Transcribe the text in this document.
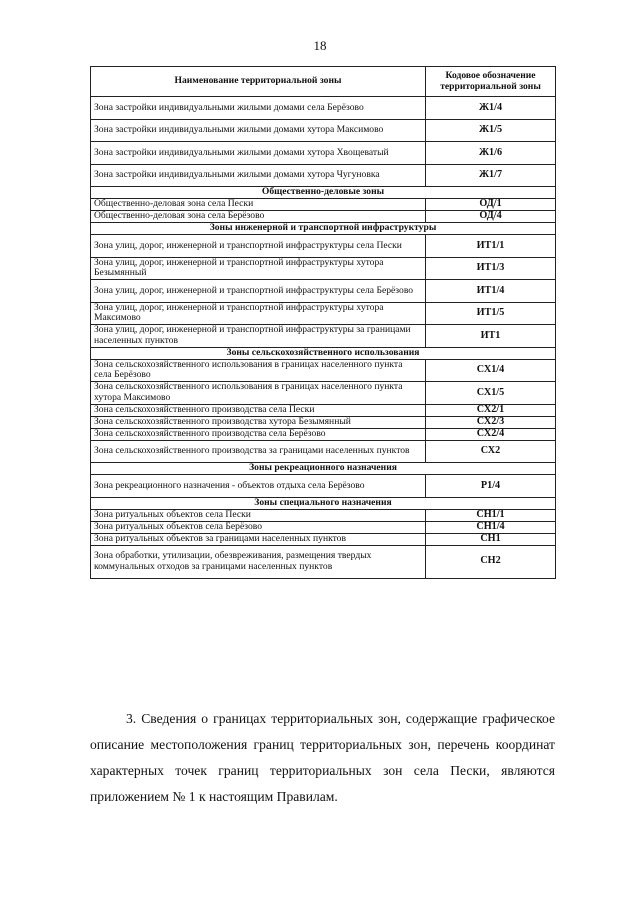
18
Наименование территориальной зоны	Кодовое обозначение территориальной зоны
Зона застройки индивидуальными жилыми домами села Берёзово	Ж1/4
Зона застройки индивидуальными жилыми домами хутора Максимово	Ж1/5
Зона застройки индивидуальными жилыми домами хутора Хвощеватый	Ж1/6
Зона застройки индивидуальными жилыми домами хутора Чугуновка	Ж1/7
Общественно-деловые зоны	
Общественно-деловая зона села Пески	ОД/1
Общественно-деловая зона села Берёзово	ОД/4
Зоны инженерной и транспортной инфраструктуры	
Зона улиц, дорог, инженерной и транспортной инфраструктуры села Пески	ИТ1/1
Зона улиц, дорог, инженерной и транспортной инфраструктуры хутора Безымянный	ИТ1/3
Зона улиц, дорог, инженерной и транспортной инфраструктуры села Берёзово	ИТ1/4
Зона улиц, дорог, инженерной и транспортной инфраструктуры хутора Максимово	ИТ1/5
Зона улиц, дорог, инженерной и транспортной инфраструктуры за границами населенных пунктов	ИТ1
Зоны сельскохозяйственного использования	
Зона сельскохозяйственного использования в границах населенного пункта села Берёзово	СХ1/4
Зона сельскохозяйственного использования в границах населенного пункта хутора Максимово	СХ1/5
Зона сельскохозяйственного производства села Пески	СХ2/1
Зона сельскохозяйственного производства хутора Безымянный	СХ2/3
Зона сельскохозяйственного производства села Берёзово	СХ2/4
Зона сельскохозяйственного производства за границами населенных пунктов	СХ2
Зоны рекреационного назначения	
Зона рекреационного назначения - объектов отдыха села Берёзово	Р1/4
Зоны специального назначения	
Зона ритуальных объектов села Пески	СН1/1
Зона ритуальных объектов села Берёзово	СН1/4
Зона ритуальных объектов за границами населенных пунктов	СН1
Зона обработки, утилизации, обезвреживания, размещения твердых коммунальных отходов за границами населенных пунктов	СН2

3. Сведения о границах территориальных зон, содержащие графическое описание местоположения границ территориальных зон, перечень координат характерных точек границ территориальных зон села Пески, являются приложением № 1 к настоящим Правилам.
